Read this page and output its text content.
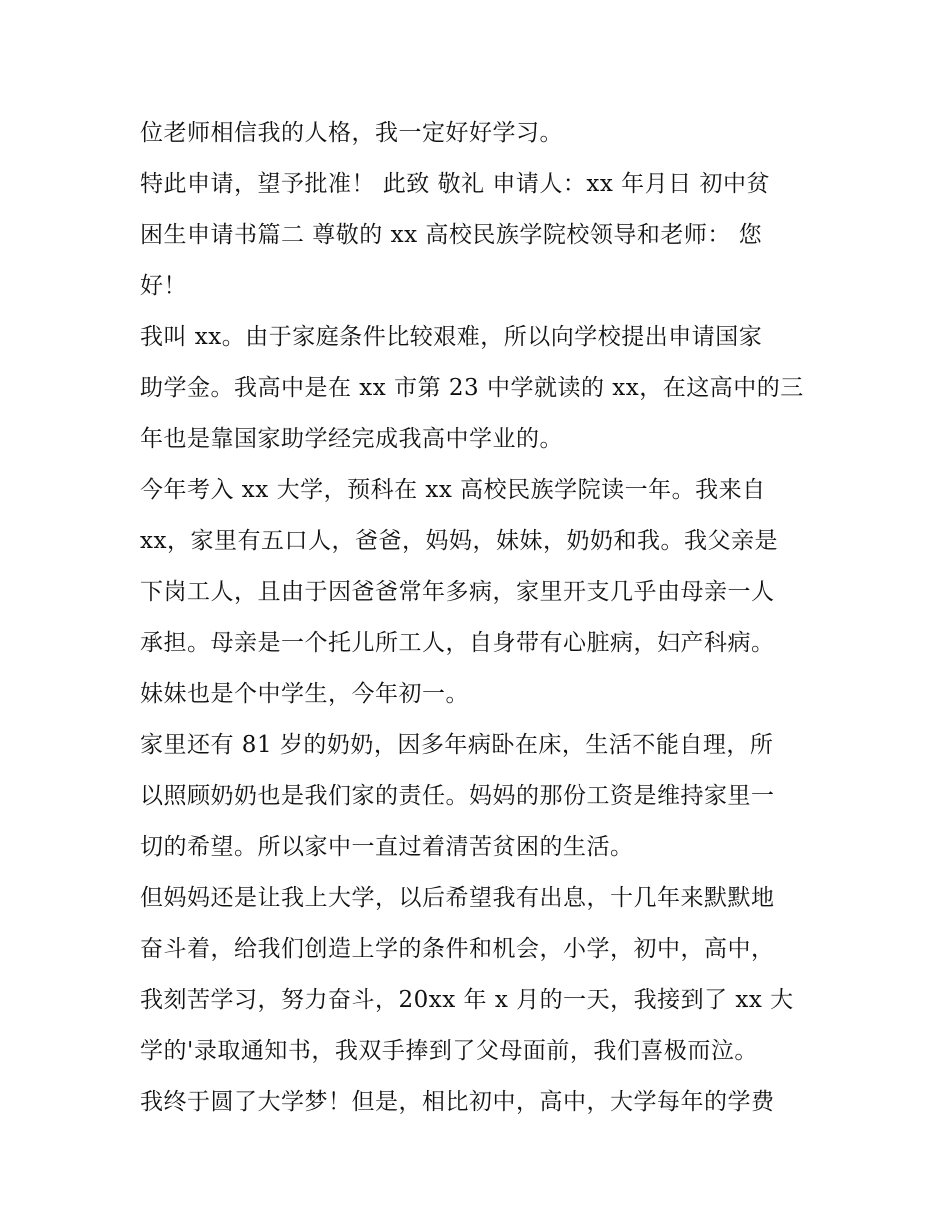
位老师相信我的人格，我一定好好学习。
特此申请，望予批准！ 此致 敬礼 申请人：xx 年月日 初中贫
困生申请书篇二 尊敬的 xx 高校民族学院校领导和老师： 您
好！
我叫 xx。由于家庭条件比较艰难，所以向学校提出申请国家
助学金。我高中是在 xx 市第 23 中学就读的 xx，在这高中的三
年也是靠国家助学经完成我高中学业的。
今年考入 xx 大学，预科在 xx 高校民族学院读一年。我来自
xx，家里有五口人，爸爸，妈妈，妹妹，奶奶和我。我父亲是
下岗工人，且由于因爸爸常年多病，家里开支几乎由母亲一人
承担。母亲是一个托儿所工人，自身带有心脏病，妇产科病。
妹妹也是个中学生，今年初一。
家里还有 81 岁的奶奶，因多年病卧在床，生活不能自理，所
以照顾奶奶也是我们家的责任。妈妈的那份工资是维持家里一
切的希望。所以家中一直过着清苦贫困的生活。
但妈妈还是让我上大学，以后希望我有出息，十几年来默默地
奋斗着，给我们创造上学的条件和机会，小学，初中，高中，
我刻苦学习，努力奋斗，20xx 年 x 月的一天，我接到了 xx 大
学的'录取通知书，我双手捧到了父母面前，我们喜极而泣。
我终于圆了大学梦！但是，相比初中，高中，大学每年的学费
